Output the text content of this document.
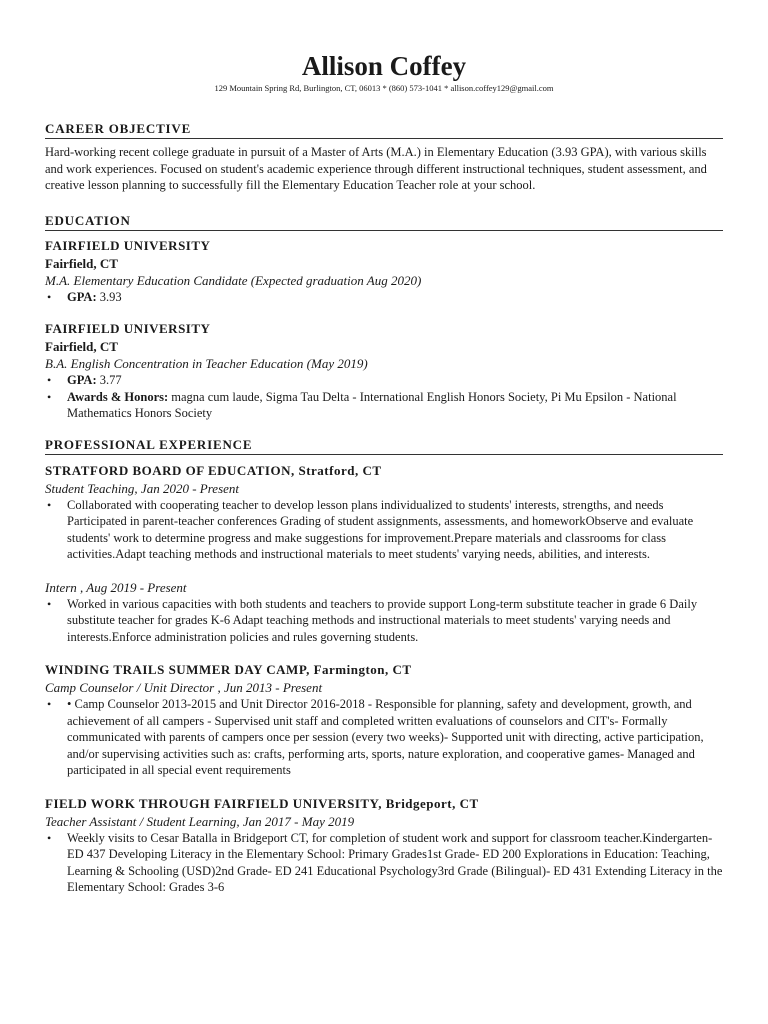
Allison Coffey
129 Mountain Spring Rd, Burlington, CT, 06013 * (860) 573-1041 * allison.coffey129@gmail.com
CAREER OBJECTIVE
Hard-working recent college graduate in pursuit of a Master of Arts (M.A.) in Elementary Education (3.93 GPA), with various skills and work experiences. Focused on student's academic experience through different instructional techniques, student assessment, and creative lesson planning to successfully fill the Elementary Education Teacher role at your school.
EDUCATION
FAIRFIELD UNIVERSITY
Fairfield, CT
M.A. Elementary Education Candidate (Expected graduation Aug 2020)
• GPA: 3.93
FAIRFIELD UNIVERSITY
Fairfield, CT
B.A. English Concentration in Teacher Education (May 2019)
• GPA: 3.77
• Awards & Honors: magna cum laude, Sigma Tau Delta - International English Honors Society, Pi Mu Epsilon - National Mathematics Honors Society
PROFESSIONAL EXPERIENCE
STRATFORD BOARD OF EDUCATION, Stratford, CT
Student Teaching, Jan 2020 - Present
• Collaborated with cooperating teacher to develop lesson plans individualized to students' interests, strengths, and needs Participated in parent-teacher conferences Grading of student assignments, assessments, and homeworkObserve and evaluate students' work to determine progress and make suggestions for improvement.Prepare materials and classrooms for class activities.Adapt teaching methods and instructional materials to meet students' varying needs, abilities, and interests.
Intern , Aug 2019 - Present
• Worked in various capacities with both students and teachers to provide support Long-term substitute teacher in grade 6 Daily substitute teacher for grades K-6 Adapt teaching methods and instructional materials to meet students' varying needs and interests.Enforce administration policies and rules governing students.
WINDING TRAILS SUMMER DAY CAMP, Farmington, CT
Camp Counselor / Unit Director , Jun 2013 - Present
• • Camp Counselor 2013-2015 and Unit Director 2016-2018 - Responsible for planning, safety and development, growth, and achievement of all campers - Supervised unit staff and completed written evaluations of counselors and CIT's- Formally communicated with parents of campers once per session (every two weeks)- Supported unit with directing, active participation, and/or supervising activities such as: crafts, performing arts, sports, nature exploration, and cooperative games- Managed and participated in all special event requirements
FIELD WORK THROUGH FAIRFIELD UNIVERSITY, Bridgeport, CT
Teacher Assistant / Student Learning, Jan 2017 - May 2019
• Weekly visits to Cesar Batalla in Bridgeport CT, for completion of student work and support for classroom teacher.Kindergarten- ED 437 Developing Literacy in the Elementary School: Primary Grades1st Grade- ED 200 Explorations in Education: Teaching, Learning & Schooling (USD)2nd Grade- ED 241 Educational Psychology3rd Grade (Bilingual)- ED 431 Extending Literacy in the Elementary School: Grades 3-6
